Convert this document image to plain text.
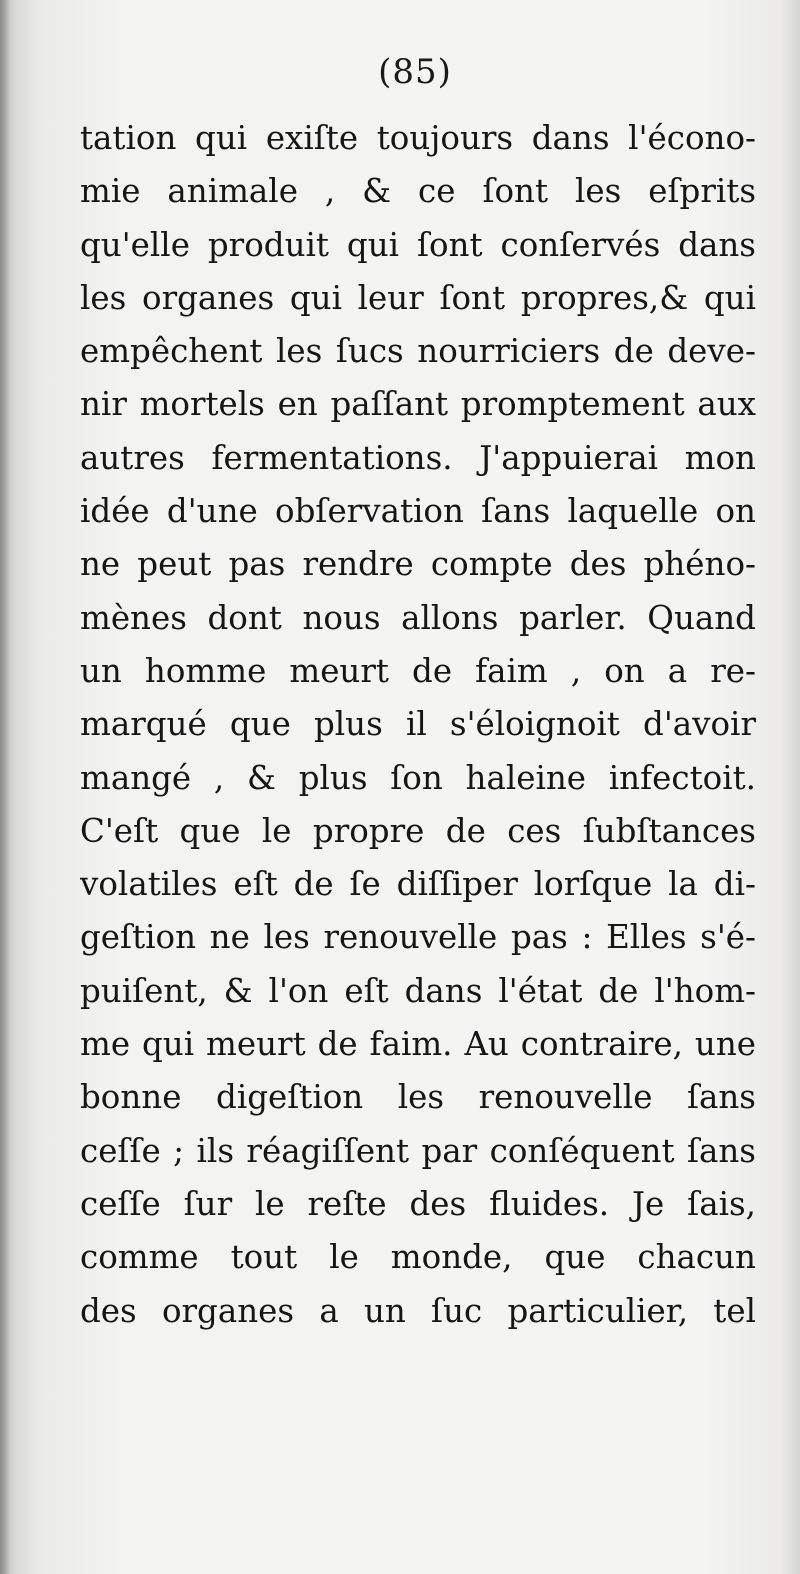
(85)
tation qui exiſte toujours dans l'écono-
mie animale , & ce ſont les eſprits
qu'elle produit qui ſont conſervés dans
les organes qui leur ſont propres,& qui
empêchent les ſucs nourriciers de deve-
nir mortels en paſſant promptement aux
autres fermentations. J'appuierai mon
idée d'une obſervation ſans laquelle on
ne peut pas rendre compte des phéno-
mènes dont nous allons parler. Quand
un homme meurt de faim , on a re-
marqué que plus il s'éloignoit d'avoir
mangé , & plus ſon haleine infectoit.
C'eſt que le propre de ces ſubſtances
volatiles eſt de ſe diſſiper lorſque la di-
geſtion ne les renouvelle pas : Elles s'é-
puiſent, & l'on eſt dans l'état de l'hom-
me qui meurt de faim. Au contraire, une
bonne digeſtion les renouvelle ſans
ceſſe ; ils réagiſſent par conſéquent ſans
ceſſe ſur le reſte des fluides. Je ſais,
comme tout le monde, que chacun
des organes a un ſuc particulier, tel
